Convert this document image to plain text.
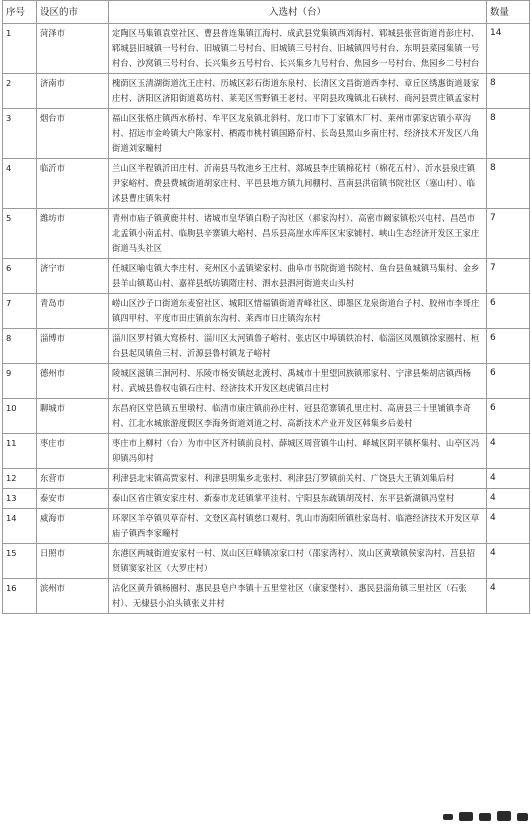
序号	设区的市	入选村（台）	数量
1	菏泽市	定陶区马集镇袁堂社区、曹县普连集镇江海村、成武县党集镇西刘海村、郓城县张营街道肖彭庄村、郓城县旧城镇一号村台、旧城镇二号村台、旧城镇三号村台、旧城镇四号村台、东明县菜园集镇一号村台、沙窝镇三号村台、长兴集乡五号村台、长兴集乡九号村台、焦园乡一号村台、焦园乡二号村台	14
2	济南市	槐荫区玉清湖街道沈王庄村、历城区彩石街道东泉村、长清区文昌街道西李村、章丘区绣惠街道聂家庄村、济阳区济阳街道葛坊村、莱芜区雪野镇王老村、平阴县玫瑰镇北石硖村、商河县贾庄镇孟家村	8
3	烟台市	福山区张格庄镇西水桥村、牟平区龙泉镇北斜村、龙口市下丁家镇木厂村、莱州市郭家店镇小草沟村、招远市金岭镇大户陈家村、栖霞市桃村镇国路夼村、长岛县黑山乡南庄村、经济技术开发区八角街道刘家疃村	8
4	临沂市	兰山区半程镇沂田庄村、沂南县马牧池乡王庄村、郯城县李庄镇棉花村（棉花五村）、沂水县泉庄镇尹家峪村、费县费城街道胡家庄村、平邑县地方镇九间棚村、莒南县洪宿镇书院社区（塞山村）、临沭县曹庄镇朱村	8
5	潍坊市	青州市庙子镇黄鹿井村、诸城市皇华镇白粉子沟社区（郝家沟村）、高密市阚家镇松兴屯村、昌邑市北孟镇小南孟村、临朐县辛寨镇大峪村、昌乐县高崖水库库区宋家铺村、峡山生态经济开发区王家庄街道马头社区	7
6	济宁市	任城区喻屯镇大李庄村、兖州区小孟镇梁家村、曲阜市书院街道书院村、鱼台县鱼城镇马集村、金乡县羊山镇葛山村、嘉祥县纸坊镇隋庄村、泗水县泗河街道夹山头村	7
7	青岛市	崂山区沙子口街道东麦窑社区、城阳区惜福镇街道青峰社区、即墨区龙泉街道台子村、胶州市李哥庄镇四甲村、平度市田庄镇前东沟村、莱西市日庄镇沟东村	6
8	淄博市	淄川区罗村镇大窎桥村、淄川区太河镇鲁子峪村、张店区中埠镇铁冶村、临淄区凤凰镇徐家圈村、桓台县起凤镇鱼三村、沂源县鲁村镇龙子峪村	6
9	德州市	陵城区滋镇三洄河村、乐陵市杨安镇赵北渡村、禹城市十里望回族镇邢家村、宁津县柴胡店镇西杨村、武城县鲁权屯镇石庄村、经济技术开发区赵虎镇吕庄村	6
10	聊城市	东昌府区堂邑镇五里墩村、临清市康庄镇前孙庄村、冠县范寨镇孔里庄村、高唐县三十里铺镇李奇村、江北水城旅游度假区李海务街道刘道之村、高新技术产业开发区韩集乡后姜村	6
11	枣庄市	枣庄市上柳村（台）为市中区齐村镇前良村、薛城区周营镇牛山村、峄城区阴平镇杯集村、山亭区冯卯镇冯卯村	4
12	东营市	利津县北宋镇高贾家村、利津县明集乡北张村、利津县汀罗镇前关村、广饶县大王镇刘集后村	4
13	泰安市	泰山区省庄镇安家庄村、新泰市龙廷镇掌平洼村、宁阳县东疏镇胡茂村、东平县新湖镇冯堂村	4
14	威海市	环翠区羊亭镇贝草夼村、文登区高村镇慈口观村、乳山市海阳所镇杜家岛村、临港经济技术开发区草庙子镇西李家疃村	4
15	日照市	东港区两城街道安家村一村、岚山区巨峰镇凉家口村（邵家湾村）、岚山区黄墩镇侯家沟村、莒县招贤镇窦家社区（大罗庄村）	4
16	滨州市	沾化区黄升镇杨圈村、惠民县皂户李镇十五里堂社区（康家堡村）、惠民县淄角镇三里社区（石张村）、无棣县小泊头镇张义井村	4
